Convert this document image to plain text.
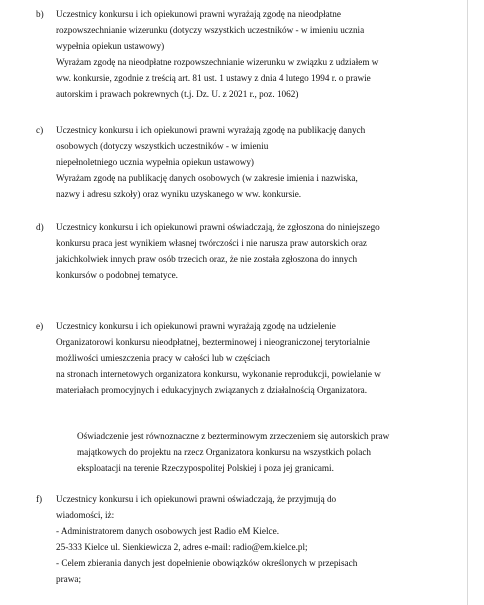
b) Uczestnicy konkursu i ich opiekunowi prawni wyrażają zgodę na nieodpłatne
rozpowszechnianie wizerunku (dotyczy wszystkich uczestników - w imieniu ucznia
wypełnia opiekun ustawowy)
Wyrażam zgodę na nieodpłatne rozpowszechnianie wizerunku w związku z udziałem w
ww. konkursie, zgodnie z treścią art. 81 ust. 1 ustawy z dnia 4 lutego 1994 r. o prawie
autorskim i prawach pokrewnych (t.j. Dz. U. z 2021 r., poz. 1062)
c) Uczestnicy konkursu i ich opiekunowi prawni wyrażają zgodę na publikację danych
osobowych (dotyczy wszystkich uczestników - w imieniu
niepełnoletniego ucznia wypełnia opiekun ustawowy)
Wyrażam zgodę na publikację danych osobowych (w zakresie imienia i nazwiska,
nazwy i adresu szkoły) oraz wyniku uzyskanego w ww. konkursie.
d) Uczestnicy konkursu i ich opiekunowi prawni oświadczają, że zgłoszona do niniejszego
konkursu praca jest wynikiem własnej twórczości i nie narusza praw autorskich oraz
jakichkolwiek innych praw osób trzecich oraz, że nie została zgłoszona do innych
konkursów o podobnej tematyce.
e) Uczestnicy konkursu i ich opiekunowi prawni wyrażają zgodę na udzielenie
Organizatorowi konkursu nieodpłatnej, bezterminowej i nieograniczonej terytorialnie
możliwości umieszczenia pracy w całości lub w częściach
na stronach internetowych organizatora konkursu, wykonanie reprodukcji, powielanie w
materiałach promocyjnych i edukacyjnych związanych z działalnością Organizatora.
Oświadczenie jest równoznaczne z bezterminowym zrzeczeniem się autorskich praw
majątkowych do projektu na rzecz Organizatora konkursu na wszystkich polach
eksploatacji na terenie Rzeczypospolitej Polskiej i poza jej granicami.
f) Uczestnicy konkursu i ich opiekunowi prawni oświadczają, że przyjmują do
wiadomości, iż:
- Administratorem danych osobowych jest Radio eM Kielce.
25-333 Kielce ul. Sienkiewicza 2, adres e-mail: radio@em.kielce.pl;
- Celem zbierania danych jest dopełnienie obowiązków określonych w przepisach
prawa;
